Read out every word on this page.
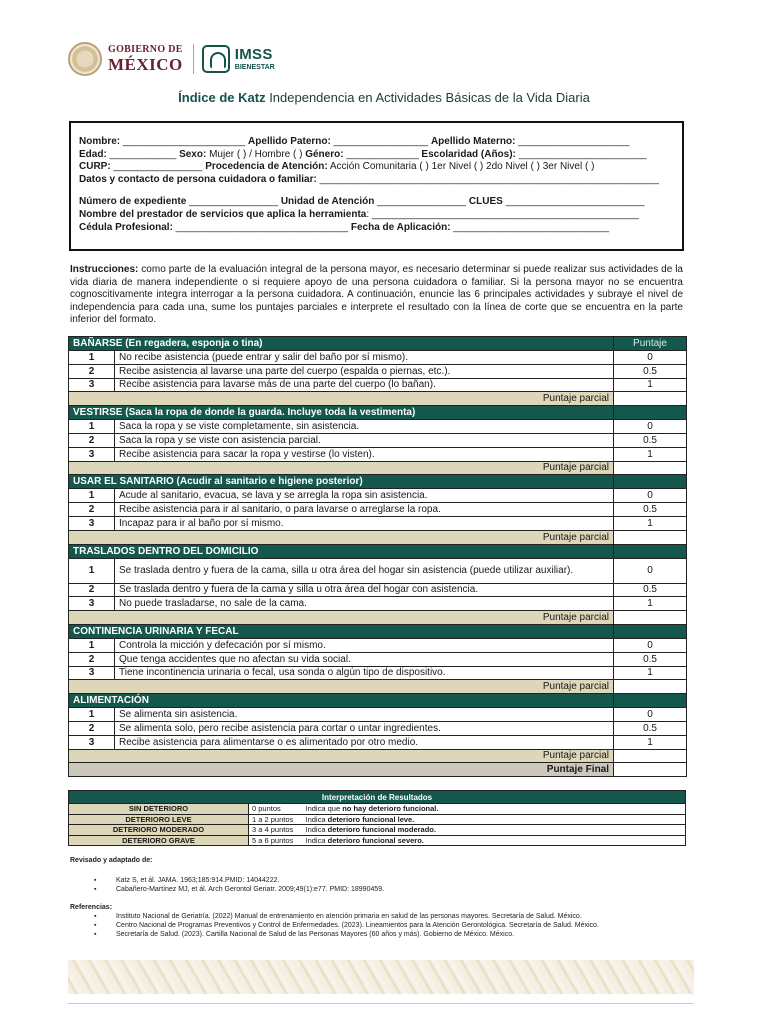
GOBIERNO DE
MÉXICO
IMSS
BIENESTAR
Índice de Katz Independencia en Actividades Básicas de la Vida Diaria
Nombre: ______________________ Apellido Paterno: _________________ Apellido Materno: ____________________
Edad: ____________ Sexo: Mujer ( ) / Hombre ( ) Género: _____________ Escolaridad (Años): _______________________
CURP: ________________ Procedencia de Atención: Acción Comunitaria ( ) 1er Nivel ( ) 2do Nivel ( ) 3er Nivel ( )
Datos y contacto de persona cuidadora o familiar: _____________________________________________________________
Número de expediente ________________ Unidad de Atención ________________ CLUES _________________________
Nombre del prestador de servicios que aplica la herramienta: ________________________________________________
Cédula Profesional: _______________________________ Fecha de Aplicación: ____________________________
Instrucciones: como parte de la evaluación integral de la persona mayor, es necesario determinar si puede realizar sus actividades de la vida diaria de manera independiente o si requiere apoyo de una persona cuidadora o familiar. Si la persona mayor no se encuentra cognoscitivamente integra interrogar a la persona cuidadora. A continuación, enuncie las 6 principales actividades y subraye el nivel de independencia para cada una, sume los puntajes parciales e interprete el resultado con la línea de corte que se encuentra en la parte inferior del formato.
BAÑARSE (En regadera, esponja o tina)		Puntaje
1	No recibe asistencia (puede entrar y salir del baño por sí mismo).	0
2	Recibe asistencia al lavarse una parte del cuerpo (espalda o piernas, etc.).	0.5
3	Recibe asistencia para lavarse más de una parte del cuerpo (lo bañan).	1
Puntaje parcial		
VESTIRSE (Saca la ropa de donde la guarda. Incluye toda la vestimenta)		
1	Saca la ropa y se viste completamente, sin asistencia.	0
2	Saca la ropa y se viste con asistencia parcial.	0.5
3	Recibe asistencia para sacar la ropa y vestirse (lo visten).	1
Puntaje parcial		
USAR EL SANITARIO (Acudir al sanitario e higiene posterior)		
1	Acude al sanitario, evacua, se lava y se arregla la ropa sin asistencia.	0
2	Recibe asistencia para ir al sanitario, o para lavarse o arreglarse la ropa.	0.5
3	Incapaz para ir al baño por sí mismo.	1
Puntaje parcial		
TRASLADOS DENTRO DEL DOMICILIO		
1	Se traslada dentro y fuera de la cama, silla u otra área del hogar sin asistencia (puede utilizar auxiliar).	0
2	Se traslada dentro y fuera de la cama y silla u otra área del hogar con asistencia.	0.5
3	No puede trasladarse, no sale de la cama.	1
Puntaje parcial		
CONTINENCIA URINARIA Y FECAL		
1	Controla la micción y defecación por sí mismo.	0
2	Que tenga accidentes que no afectan su vida social.	0.5
3	Tiene incontinencia urinaria o fecal, usa sonda o algún tipo de dispositivo.	1
Puntaje parcial		
ALIMENTACIÓN		
1	Se alimenta sin asistencia.	0
2	Se alimenta solo, pero recibe asistencia para cortar o untar ingredientes.	0.5
3	Recibe asistencia para alimentarse o es alimentado por otro medio.	1
Puntaje parcial		
Puntaje Final		
Interpretación de Resultados		
SIN DETERIORO	0 puntos	Indica que no hay deterioro funcional.
DETERIORO LEVE	1 a 2 puntos	Indica deterioro funcional leve.
DETERIORO MODERADO	3 a 4 puntos	Indica deterioro funcional moderado.
DETERIORO GRAVE	5 a 6 puntos	Indica deterioro funcional severo.
Revisado y adaptado de:
▪ Katz S, et ál. JAMA. 1963;185:914.PMID: 14044222.
▪ Cabañero-Martínez MJ, et ál. Arch Gerontol Geriatr. 2009;49(1):e77. PMID: 18990459.
Referencias:
▪ Instituto Nacional de Geriatría. (2022) Manual de entrenamiento en atención primaria en salud de las personas mayores. Secretaría de Salud. México.
▪ Centro Nacional de Programas Preventivos y Control de Enfermedades. (2023). Lineamientos para la Atención Gerontológica. Secretaría de Salud. México.
▪ Secretaría de Salud. (2023). Cartilla Nacional de Salud de las Personas Mayores (60 años y más). Gobierno de México. México.
